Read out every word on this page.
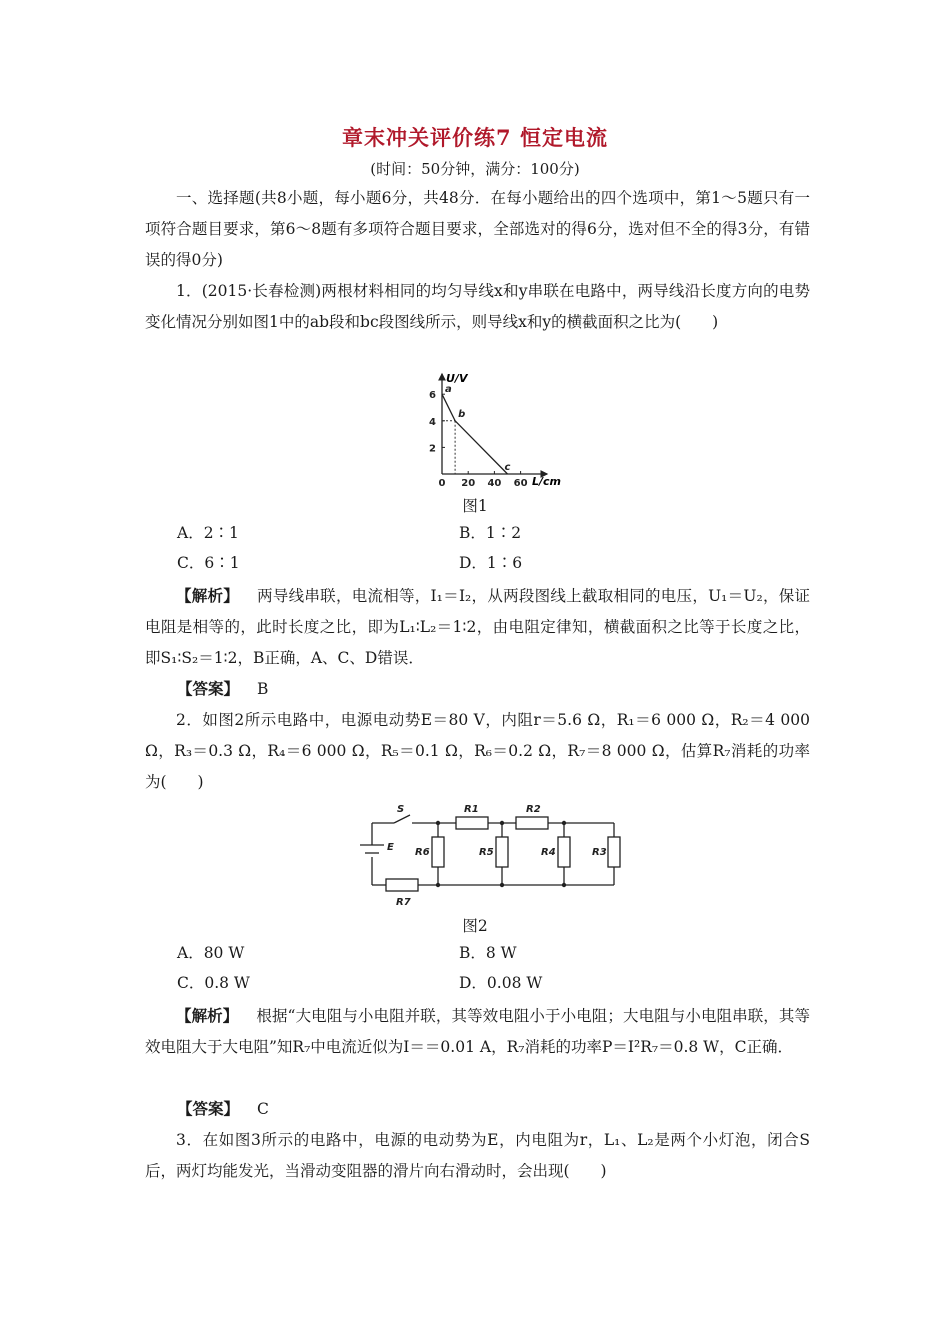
章末冲关评价练7 恒定电流
(时间：50分钟，满分：100分)

一、选择题(共8小题，每小题6分，共48分．在每小题给出的四个选项中，第1～5题只有一项符合题目要求，第6～8题有多项符合题目要求，全部选对的得6分，选对但不全的得3分，有错误的得0分)

1．(2015·长春检测)两根材料相同的均匀导线x和y串联在电路中，两导线沿长度方向的电势变化情况分别如图1中的ab段和bc段图线所示，则导线x和y的横截面积之比为(　　)

0 20 40 60
2
4
6
a
b
c
U/V
L/cm
图1
A．2∶1	B．1∶2
C．6∶1	D．1∶6

【解析】 两导线串联，电流相等，I₁＝I₂，从两段图线上截取相同的电压，U₁＝U₂，保证电阻是相等的，此时长度之比，即为L₁∶L₂＝1∶2，由电阻定律知，横截面积之比等于长度之比，即S₁∶S₂＝1∶2，B正确，A、C、D错误．

【答案】 B

2．如图2所示电路中，电源电动势E＝80 V，内阻r＝5.6 Ω，R₁＝6 000 Ω，R₂＝4 000 Ω，R₃＝0.3 Ω，R₄＝6 000 Ω，R₅＝0.1 Ω，R₆＝0.2 Ω，R₇＝8 000 Ω，估算R₇消耗的功率为(　　)

S
E
R1	R2
R3
R4
R5
R6
R7
图2
A．80 W	B．8 W
C．0.8 W	D．0.08 W

【解析】 根据“大电阻与小电阻并联，其等效电阻小于小电阻；大电阻与小电阻串联，其等效电阻大于大电阻”知R₇中电流近似为I＝＝0.01 A，R₇消耗的功率P＝I²R₇＝0.8 W，C正确．

【答案】 C

3．在如图3所示的电路中，电源的电动势为E，内电阻为r，L₁、L₂是两个小灯泡，闭合S后，两灯均能发光，当滑动变阻器的滑片向右滑动时，会出现(　　)
